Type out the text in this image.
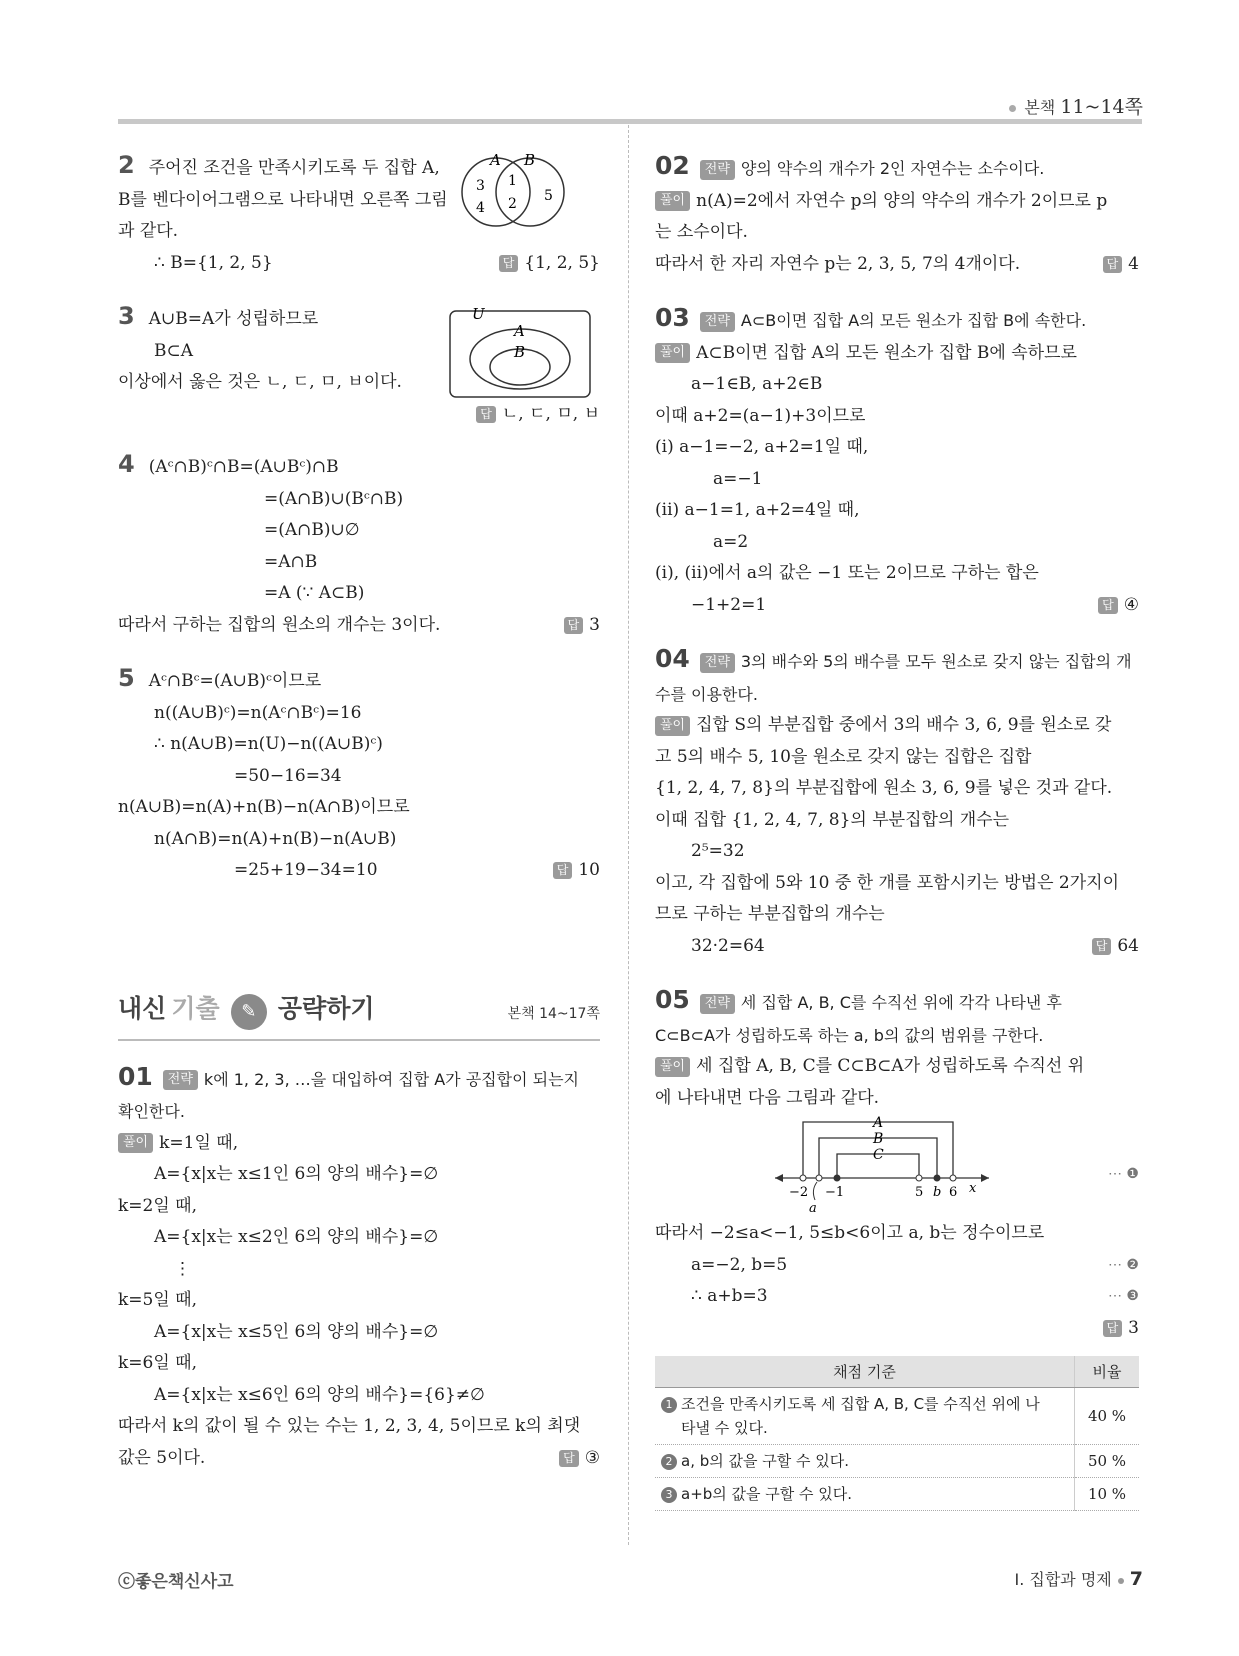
본책 11~14쪽
2 주어진 조건을 만족시키도록 두 집합 A,
B를 벤다이어그램으로 나타내면 오른쪽 그림
과 같다.
∴ B={1, 2, 5}	답 {1, 2, 5}
A B
3
4
1
2 5
3 A∪B=A가 성립하므로
B⊂A
이상에서 옳은 것은 ㄴ, ㄷ, ㅁ, ㅂ이다.
U
A
B
답 ㄴ, ㄷ, ㅁ, ㅂ
4 (Aᶜ∩B)ᶜ∩B=(A∪Bᶜ)∩B
=(A∩B)∪(Bᶜ∩B)
=(A∩B)∪∅
=A∩B
=A (∵ A⊂B)
따라서 구하는 집합의 원소의 개수는 3이다.	답 3
5 Aᶜ∩Bᶜ=(A∪B)ᶜ이므로
n((A∪B)ᶜ)=n(Aᶜ∩Bᶜ)=16
∴ n(A∪B)=n(U)−n((A∪B)ᶜ)
=50−16=34
n(A∪B)=n(A)+n(B)−n(A∩B)이므로
n(A∩B)=n(A)+n(B)−n(A∪B)
=25+19−34=10	답 10
내신 기출 ✎ 공략하기	본책 14~17쪽
01 전략 k에 1, 2, 3, …을 대입하여 집합 A가 공집합이 되는지
확인한다.
풀이 k=1일 때,
A={x|x는 x≤1인 6의 양의 배수}=∅
k=2일 때,
A={x|x는 x≤2인 6의 양의 배수}=∅
⋮
k=5일 때,
A={x|x는 x≤5인 6의 양의 배수}=∅
k=6일 때,
A={x|x는 x≤6인 6의 양의 배수}={6}≠∅
따라서 k의 값이 될 수 있는 수는 1, 2, 3, 4, 5이므로 k의 최댓
값은 5이다.	답 ③
02 전략 양의 약수의 개수가 2인 자연수는 소수이다.
풀이 n(A)=2에서 자연수 p의 양의 약수의 개수가 2이므로 p
는 소수이다.
따라서 한 자리 자연수 p는 2, 3, 5, 7의 4개이다.	답 4
03 전략 A⊂B이면 집합 A의 모든 원소가 집합 B에 속한다.
풀이 A⊂B이면 집합 A의 모든 원소가 집합 B에 속하므로
a−1∈B, a+2∈B
이때 a+2=(a−1)+3이므로
(i) a−1=−2, a+2=1일 때,
a=−1
(ii) a−1=1, a+2=4일 때,
a=2
(i), (ii)에서 a의 값은 −1 또는 2이므로 구하는 합은
−1+2=1	답 ④
04 전략 3의 배수와 5의 배수를 모두 원소로 갖지 않는 집합의 개
수를 이용한다.
풀이 집합 S의 부분집합 중에서 3의 배수 3, 6, 9를 원소로 갖
고 5의 배수 5, 10을 원소로 갖지 않는 집합은 집합
{1, 2, 4, 7, 8}의 부분집합에 원소 3, 6, 9를 넣은 것과 같다.
이때 집합 {1, 2, 4, 7, 8}의 부분집합의 개수는
2⁵=32
이고, 각 집합에 5와 10 중 한 개를 포함시키는 방법은 2가지이
므로 구하는 부분집합의 개수는
32·2=64	답 64
05 전략 세 집합 A, B, C를 수직선 위에 각각 나타낸 후
C⊂B⊂A가 성립하도록 하는 a, b의 값의 범위를 구한다.
풀이 세 집합 A, B, C를 C⊂B⊂A가 성립하도록 수직선 위
에 나타내면 다음 그림과 같다.
A
B
C
−2 −1	5 b 6 x
a
⋯ ❶
따라서 −2≤a<−1, 5≤b<6이고 a, b는 정수이므로
a=−2, b=5	⋯ ❷
∴ a+b=3	⋯ ❸
답 3
채점 기준	비율
1 조건을 만족시키도록 세 집합 A, B, C를 수직선 위에 나
타낼 수 있다.	40 %
2 a, b의 값을 구할 수 있다.	50 %
3 a+b의 값을 구할 수 있다.	10 %
ⓒ좋은책신사고	I. 집합과 명제 7
